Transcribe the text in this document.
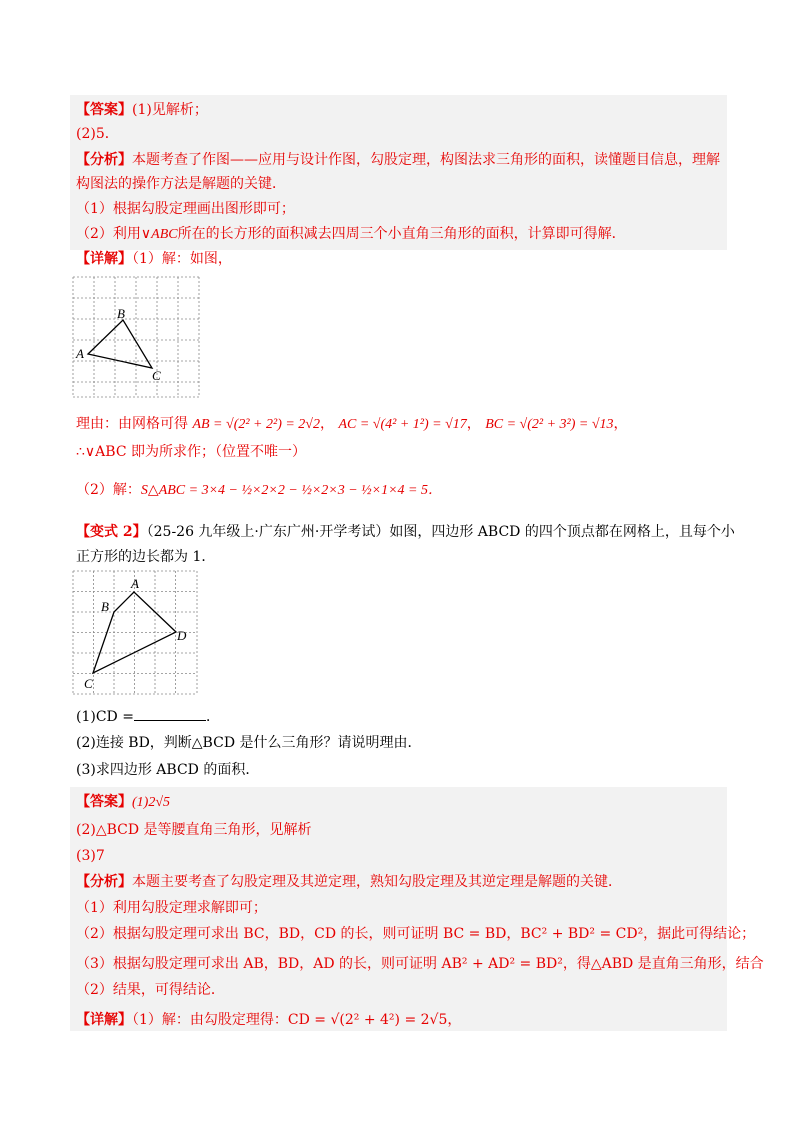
【答案】(1)见解析；
(2)5．
【分析】本题考查了作图——应用与设计作图，勾股定理，构图法求三角形的面积，读懂题目信息，理解
构图法的操作方法是解题的关键．
（1）根据勾股定理画出图形即可；
（2）利用∨ABC所在的长方形的面积减去四周三个小直角三角形的面积，计算即可得解．
【详解】（1）解：如图，
A
B
C
理由：由网格可得 AB = √(2² + 2²) = 2√2， AC = √(4² + 1²) = √17， BC = √(2² + 3²) = √13，
∴∨ABC 即为所求作；（位置不唯一）
（2）解：S△ABC = 3×4 − ½×2×2 − ½×2×3 − ½×1×4 = 5．
【变式 2】（25-26 九年级上·广东广州·开学考试）如图，四边形 ABCD 的四个顶点都在网格上，且每个小
正方形的边长都为 1．
A
B
C
D
(1)CD =	．
(2)连接 BD，判断△BCD 是什么三角形？请说明理由．
(3)求四边形 ABCD 的面积．
【答案】(1)2√5
(2)△BCD 是等腰直角三角形，见解析
(3)7
【分析】本题主要考查了勾股定理及其逆定理，熟知勾股定理及其逆定理是解题的关键．
（1）利用勾股定理求解即可；
（2）根据勾股定理可求出 BC，BD，CD 的长，则可证明 BC = BD，BC² + BD² = CD²，据此可得结论；
（3）根据勾股定理可求出 AB，BD，AD 的长，则可证明 AB² + AD² = BD²，得△ABD 是直角三角形，结合
（2）结果，可得结论．
【详解】（1）解：由勾股定理得：CD = √(2² + 4²) = 2√5，
